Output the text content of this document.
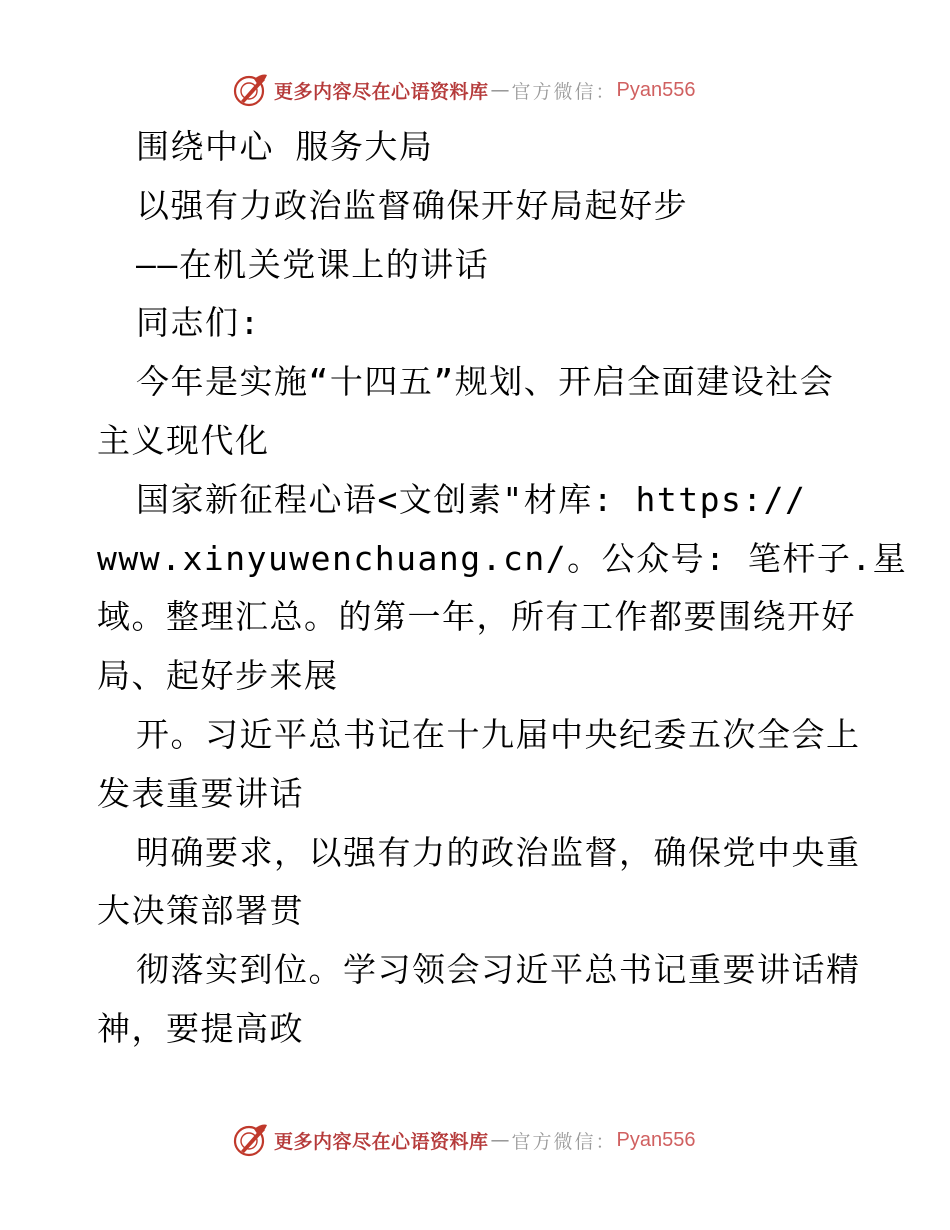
更多内容尽在心语资料库 — 官方微信： Pyan556
围绕中心 服务大局
以强有力政治监督确保开好局起好步
——在机关党课上的讲话
同志们:
今年是实施“十四五”规划、开启全面建设社会
主义现代化
国家新征程心语<文创素"材库: https://
www.xinyuwenchuang.cn/。公众号: 笔杆子.星
域。整理汇总。的第一年，所有工作都要围绕开好
局、起好步来展
开。习近平总书记在十九届中央纪委五次全会上
发表重要讲话
明确要求，以强有力的政治监督，确保党中央重
大决策部署贯
彻落实到位。学习领会习近平总书记重要讲话精
神，要提高政
更多内容尽在心语资料库 — 官方微信： Pyan556
